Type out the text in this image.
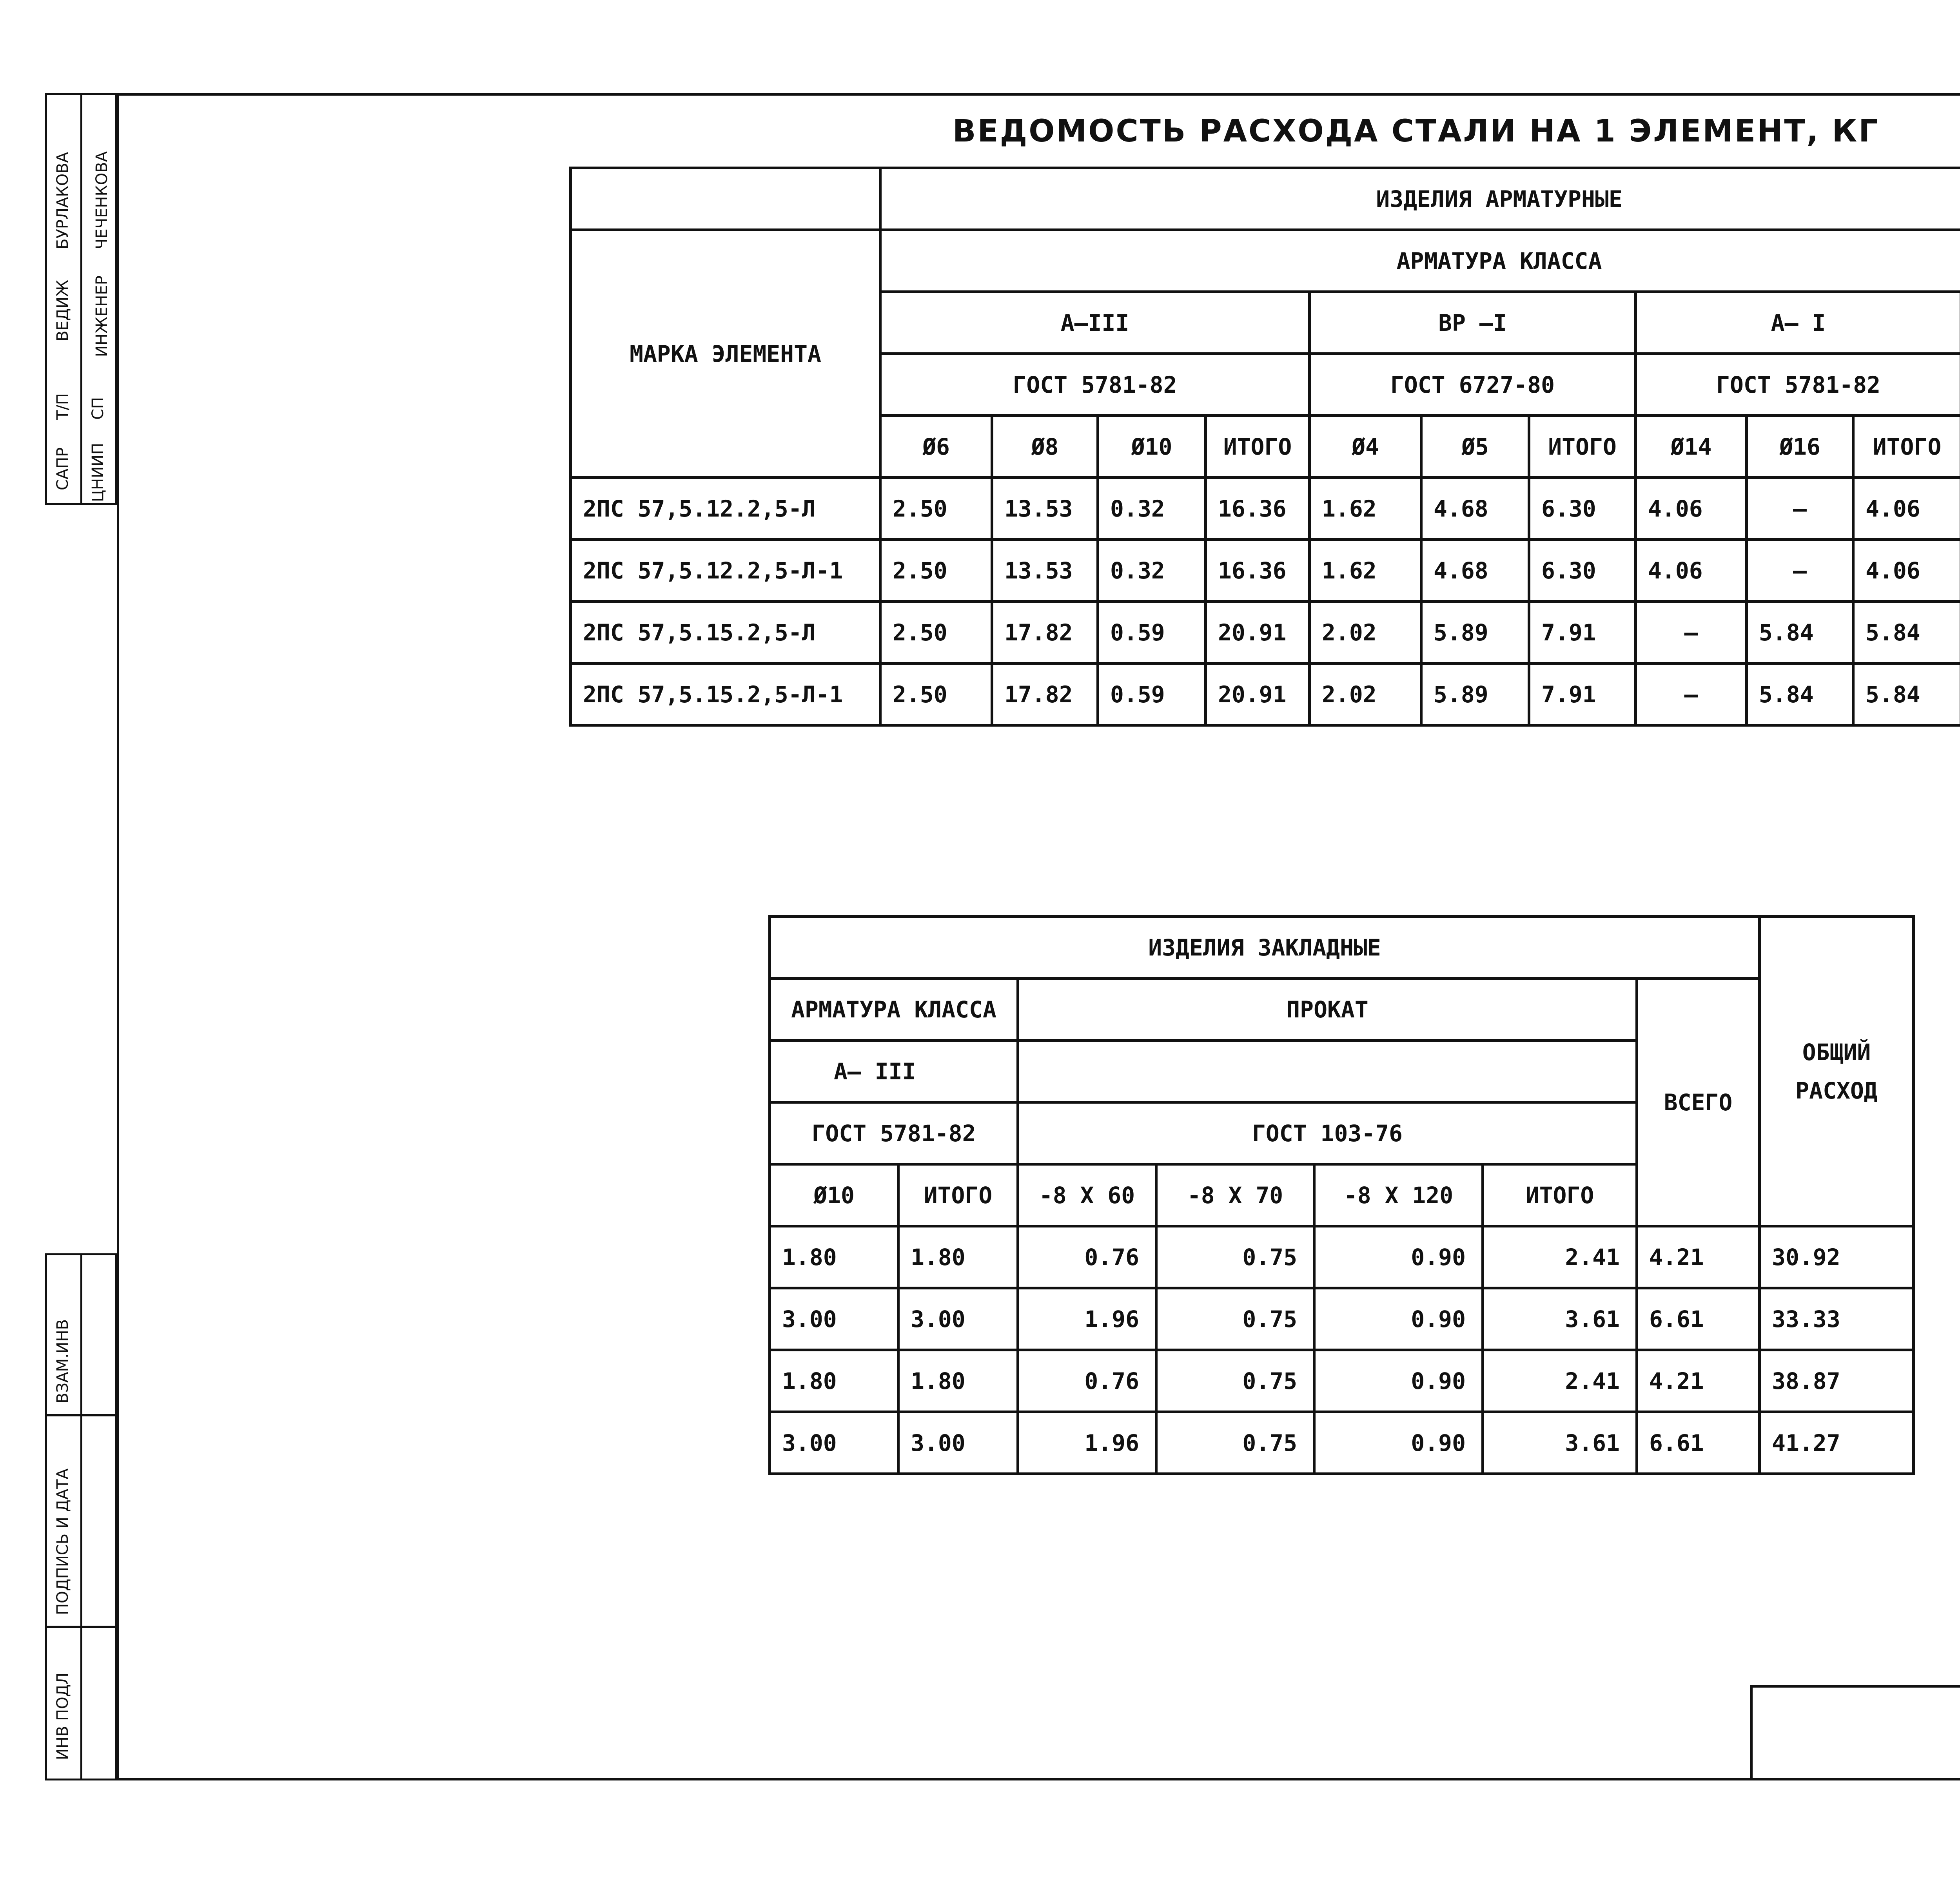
БУРЛАКОВА ЧЕЧЕНКОВА
ВЕДИЖ ИНЖЕНЕР
Т/П СП
САПР ЦНИИП
ВЗАМ.ИНВ
ПОДПИСЬ И ДАТА
ИНВ ПОДЛ
ВЕДОМОСТЬ РАСХОДА СТАЛИ НА 1 ЭЛЕМЕНТ, КГ
	ИЗДЕЛИЯ АРМАТУРНЫЕ										
МАРКА ЭЛЕМЕНТА	АРМАТУРА КЛАССА										
	А–III				ВР –I			А– I	
	ГОСТ 5781-82				ГОСТ 6727-80			ГОСТ 5781-82			
	Ø6	Ø8	Ø10	ИТОГО	Ø4	Ø5	ИТОГО	Ø14	Ø16	ИТОГО	
2ПС 57,5.12.2,5-Л	2.50	13.53	0.32	16.36	1.62	4.68	6.30	4.06	—	4.06	
2ПС 57,5.12.2,5-Л-1	2.50	13.53	0.32	16.36	1.62	4.68	6.30	4.06	—	4.06	
2ПС 57,5.15.2,5-Л	2.50	17.82	0.59	20.91	2.02	5.89	7.91	—	5.84	5.84	
2ПС 57,5.15.2,5-Л-1	2.50	17.82	0.59	20.91	2.02	5.89	7.91	—	5.84	5.84	
ИЗДЕЛИЯ ЗАКЛАДНЫЕ							ОБЩИЙ
РАСХОД

АРМАТУРА КЛАССА		ПРОКАТ				ВСЕГО	
А– III							
ГОСТ 5781-82		ГОСТ 103-76					
Ø10	ИТОГО	-8 Х 60	-8 Х 70	-8 Х 120	ИТОГО		
1.80	1.80	0.76	0.75	0.90	2.41	4.21	30.92
3.00	3.00	1.96	0.75	0.90	3.61	6.61	33.33
1.80	1.80	0.76	0.75	0.90	2.41	4.21	38.87
3.00	3.00	1.96	0.75	0.90	3.61	6.61	41.27
